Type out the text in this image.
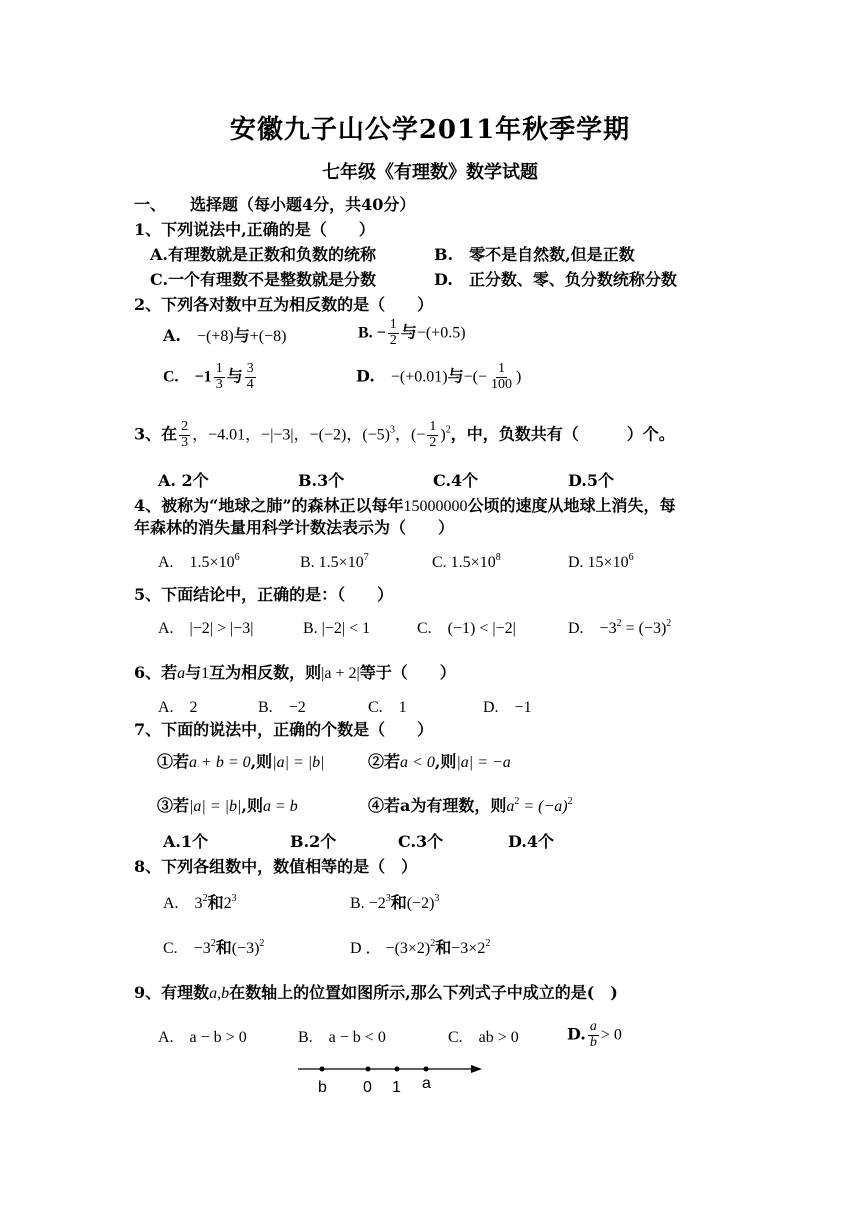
安徽九子山公学2011年秋季学期
七年级《有理数》数学试题
一、 选择题（每小题4分，共40分）
1、下列说法中,正确的是（　　）
A.有理数就是正数和负数的统称	B.　零不是自然数,但是正数
C.一个有理数不是整数就是分数	D.　正分数、零、负分数统称分数
2、下列各对数中互为相反数的是（　　）
A.　−(+8)与+(−8)	B. − $\frac{1}{2}$ 与−(+0.5)
C.　$-1 \frac{1}{3}$ 与 $\frac{3}{4}$	D.　−(+0.01)与−(− $\frac{1}{100}$ )
3、在 $\frac{2}{3}$ ，−4.01，−|−3|，−(−2)，$(-5)^3$，(− $\frac{1}{2} )^2$，中，负数共有（　　　）个。
A. 2个	B.3个	C.4个	D.5个
4、被称为“地球之肺”的森林正以每年15000000公顷的速度从地球上消失，每
年森林的消失量用科学计数法表示为（　　）
A.　$1.5\times 10^6$	B. $1.5\times 10^7$	C. $1.5\times 10^8$	D. $15\times 10^6$
5、下面结论中，正确的是：（　　）
A.　|−2| > |−3|	B. |−2| < 1	C.　(−1) < |−2|	D.　$-3^2 = (-3)^2$
6、若a与1互为相反数，则|a + 2|等于（　　）
A.　2	B.　−2	C.　1	D.　−1
7、下面的说法中，正确的个数是（　　）
①若a + b = 0,则|a| = |b|	②若a < 0,则|a| = −a
③若|a| = |b|,则a = b	④若a为有理数，则$a^2 = (-a)^2$
A.1个	B.2个	C.3个	D.4个
8、下列各组数中，数值相等的是（　）
A.　$3^2$和$2^3$	B. $-2^3$和$(-2)^3$
C.　$-3^2$和$(-3)^2$	D ． $-(3\times 2)^2$和$-3\times 2^2$
9、有理数a,b在数轴上的位置如图所示,那么下列式子中成立的是(　)
A.　a − b > 0	B.　a − b < 0	C.　ab > 0	D. $\frac{a}{b} > 0$
b 0 1 a
